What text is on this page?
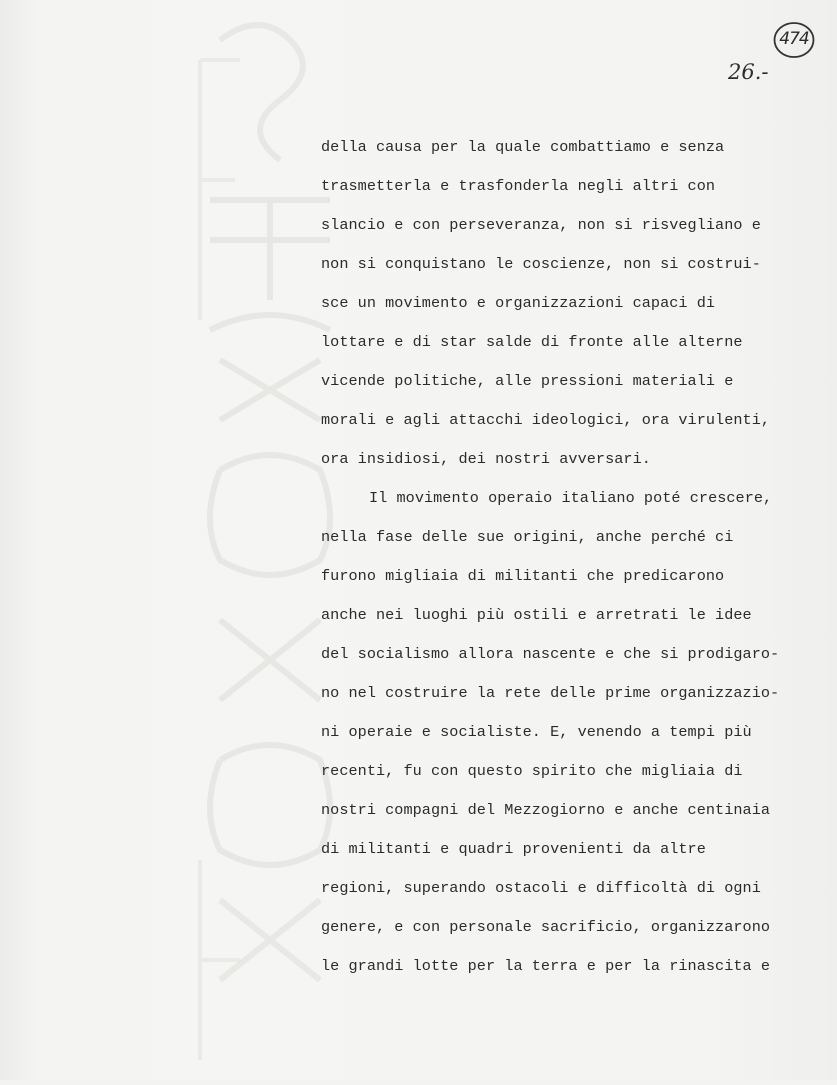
474
26.-
della causa per la quale combattiamo e senza
trasmetterla e trasfonderla negli altri con
slancio e con perseveranza, non si risvegliano e
non si conquistano le coscienze, non si costrui-
sce un movimento e organizzazioni capaci di
lottare e di star salde di fronte alle alterne
vicende politiche, alle pressioni materiali e
morali e agli attacchi ideologici, ora virulenti,
ora insidiosi, dei nostri avversari.
Il movimento operaio italiano poté crescere,
nella fase delle sue origini, anche perché ci
furono migliaia di militanti che predicarono
anche nei luoghi più ostili e arretrati le idee
del socialismo allora nascente e che si prodigaro-
no nel costruire la rete delle prime organizzazio-
ni operaie e socialiste. E, venendo a tempi più
recenti, fu con questo spirito che migliaia di
nostri compagni del Mezzogiorno e anche centinaia
di militanti e quadri provenienti da altre
regioni, superando ostacoli e difficoltà di ogni
genere, e con personale sacrificio, organizzarono
le grandi lotte per la terra e per la rinascita e
